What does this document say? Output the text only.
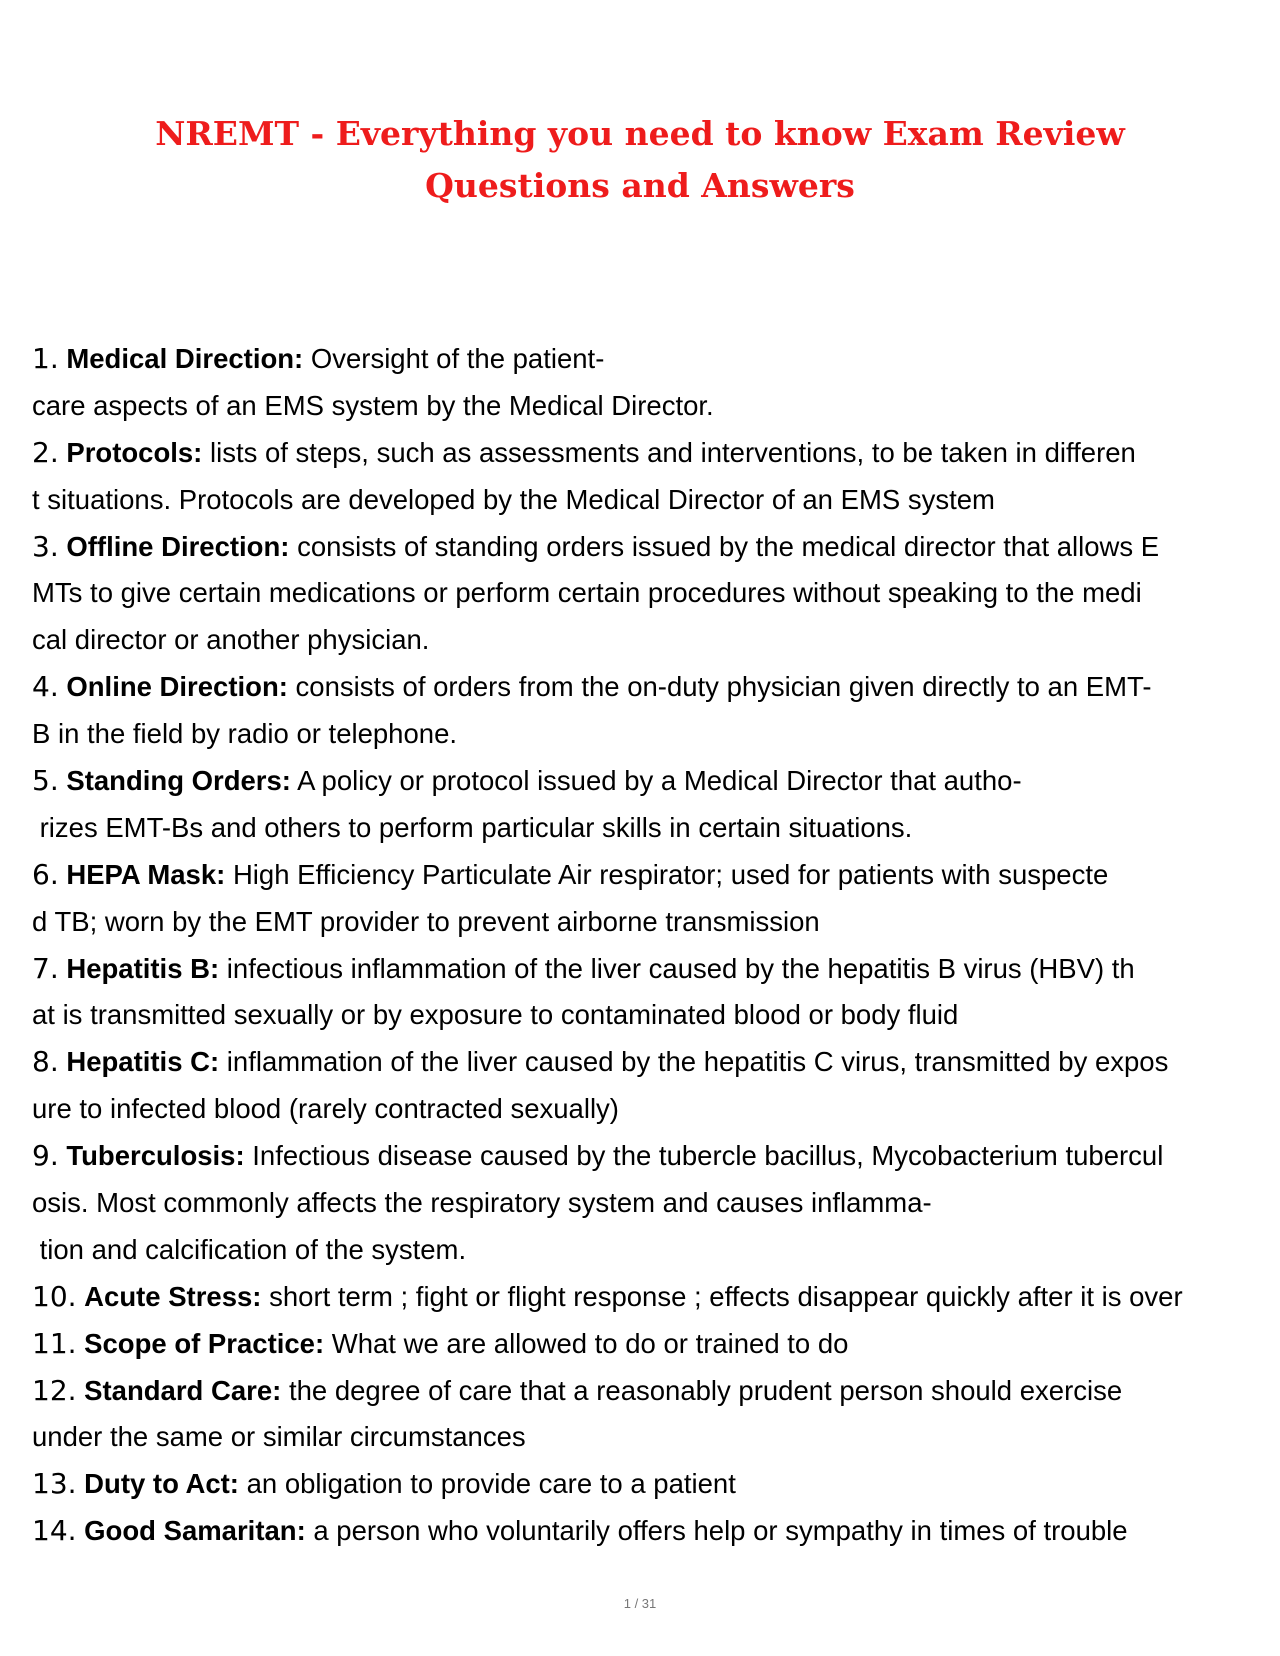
NREMT - Everything you need to know Exam Review
Questions and Answers
1. Medical Direction: Oversight of the patient-
care aspects of an EMS system by the Medical Director.
2. Protocols: lists of steps, such as assessments and interventions, to be taken in differen
t situations. Protocols are developed by the Medical Director of an EMS system
3. Offline Direction: consists of standing orders issued by the medical director that allows E
MTs to give certain medications or perform certain procedures without speaking to the medi
cal director or another physician.
4. Online Direction: consists of orders from the on-duty physician given directly to an EMT-
B in the field by radio or telephone.
5. Standing Orders: A policy or protocol issued by a Medical Director that autho-
rizes EMT-Bs and others to perform particular skills in certain situations.
6. HEPA Mask: High Efficiency Particulate Air respirator; used for patients with suspecte
d TB; worn by the EMT provider to prevent airborne transmission
7. Hepatitis B: infectious inflammation of the liver caused by the hepatitis B virus (HBV) th
at is transmitted sexually or by exposure to contaminated blood or body fluid
8. Hepatitis C: inflammation of the liver caused by the hepatitis C virus, transmitted by expos
ure to infected blood (rarely contracted sexually)
9. Tuberculosis: Infectious disease caused by the tubercle bacillus, Mycobacterium tubercul
osis. Most commonly affects the respiratory system and causes inflamma-
tion and calcification of the system.
10. Acute Stress: short term ; fight or flight response ; effects disappear quickly after it is over
11. Scope of Practice: What we are allowed to do or trained to do
12. Standard Care: the degree of care that a reasonably prudent person should exercise
under the same or similar circumstances
13. Duty to Act: an obligation to provide care to a patient
14. Good Samaritan: a person who voluntarily offers help or sympathy in times of trouble
1 / 31
